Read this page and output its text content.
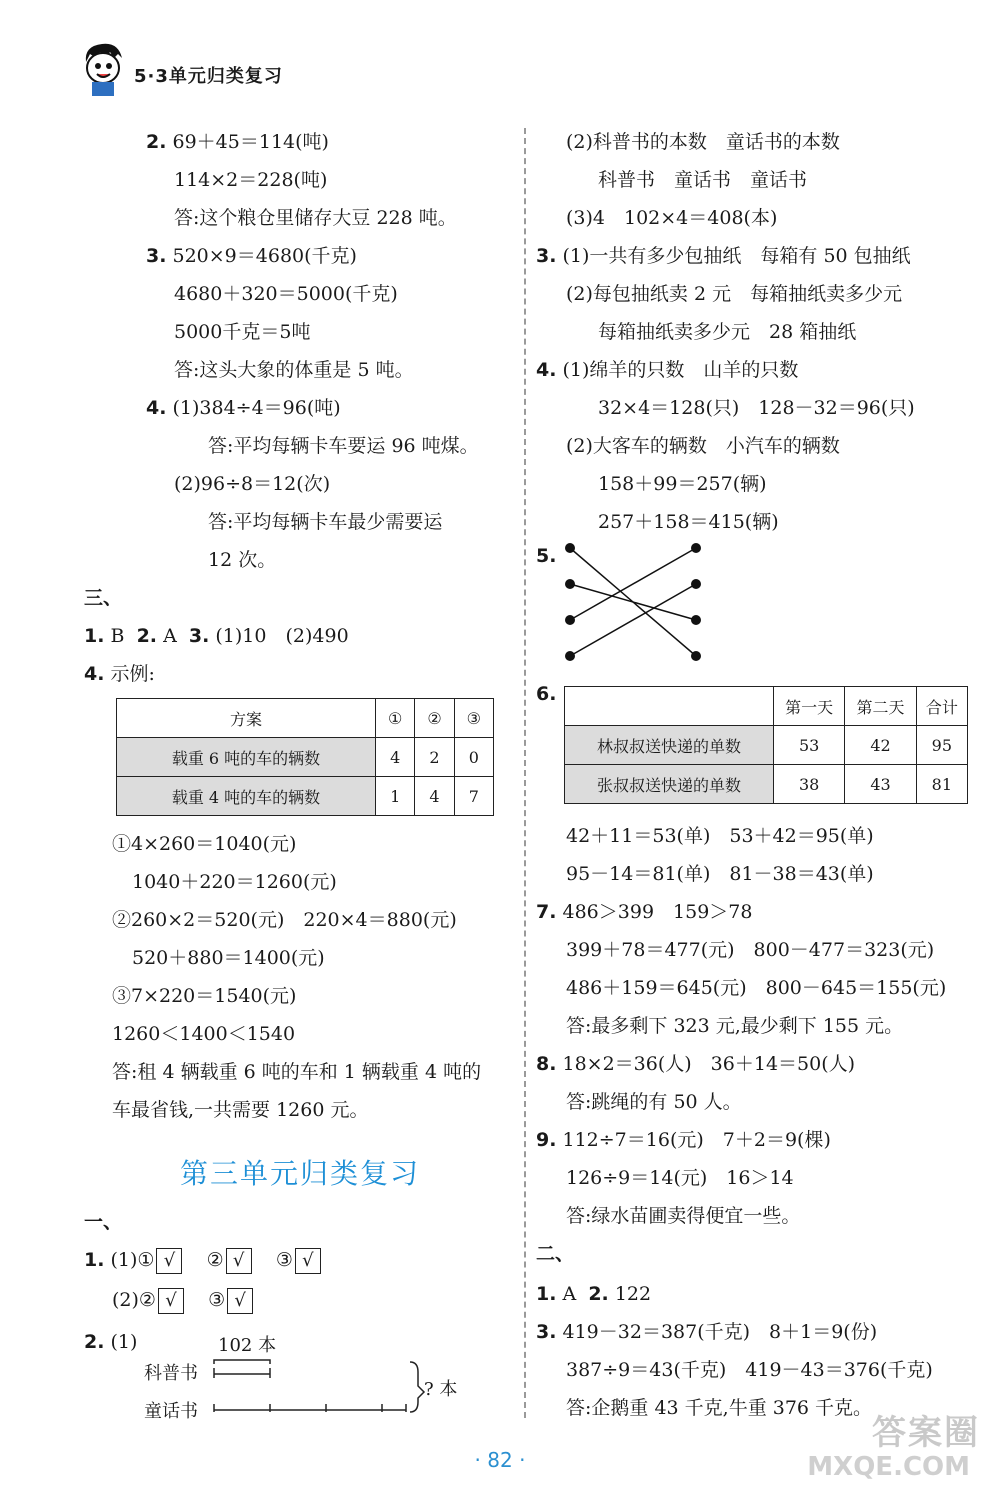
5·3单元归类复习
2. 69＋45＝114(吨)
114×2＝228(吨)
答:这个粮仓里储存大豆 228 吨。
3. 520×9＝4680(千克)
4680＋320＝5000(千克)
5000千克＝5吨
答:这头大象的体重是 5 吨。
4. (1)384÷4＝96(吨)
答:平均每辆卡车要运 96 吨煤。
(2)96÷8＝12(次)
答:平均每辆卡车最少需要运
12 次。
三、
1. B 2. A 3. (1)10　(2)490
4. 示例:
方案	①	②	③
载重 6 吨的车的辆数	4	2	0
载重 4 吨的车的辆数	1	4	7
①4×260＝1040(元)
1040＋220＝1260(元)
②260×2＝520(元)　220×4＝880(元)
520＋880＝1400(元)
③7×220＝1540(元)
1260＜1400＜1540
答:租 4 辆载重 6 吨的车和 1 辆载重 4 吨的
车最省钱,一共需要 1260 元。
第三单元归类复习
一、
1. (1)① √ ② √ ③ √
(2)② √ ③ √
2. (1)	102 本
科普书
童话书
? 本
(2)科普书的本数　童话书的本数
科普书　童话书　童话书
(3)4　102×4＝408(本)
3. (1)一共有多少包抽纸　每箱有 50 包抽纸
(2)每包抽纸卖 2 元　每箱抽纸卖多少元
每箱抽纸卖多少元　28 箱抽纸
4. (1)绵羊的只数　山羊的只数
32×4＝128(只)　128－32＝96(只)
(2)大客车的辆数　小汽车的辆数
158＋99＝257(辆)
257＋158＝415(辆)
5.
6.
	第一天	第二天	合计
林叔叔送快递的单数	53	42	95
张叔叔送快递的单数	38	43	81
42＋11＝53(单)　53＋42＝95(单)
95－14＝81(单)　81－38＝43(单)
7. 486＞399　159＞78
399＋78＝477(元)　800－477＝323(元)
486＋159＝645(元)　800－645＝155(元)
答:最多剩下 323 元,最少剩下 155 元。
8. 18×2＝36(人)　36＋14＝50(人)
答:跳绳的有 50 人。
9. 112÷7＝16(元)　7＋2＝9(棵)
126÷9＝14(元)　16＞14
答:绿水苗圃卖得便宜一些。
二、
1. A 2. 122
3. 419－32＝387(千克)　8＋1＝9(份)
387÷9＝43(千克)　419－43＝376(千克)
答:企鹅重 43 千克,牛重 376 千克。
· 82 ·
答案圈
MXQE.COM
